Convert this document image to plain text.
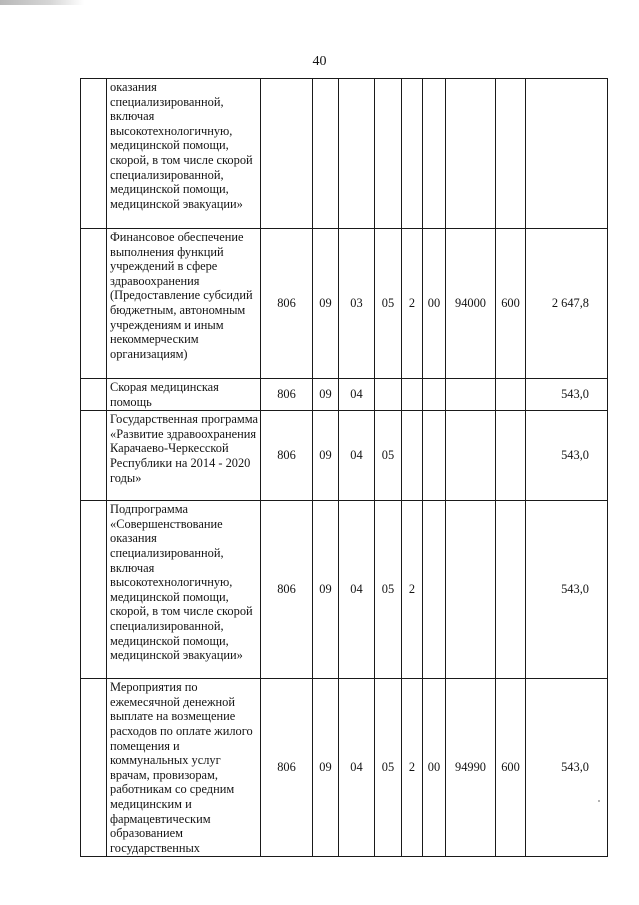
40
	оказания специализированной, включая высокотехнологичную, медицинской помощи, скорой, в том числе скорой специализированной, медицинской помощи, медицинской эвакуации»									
	Финансовое обеспечение выполнения функций учреждений в сфере здравоохранения (Предоставление субсидий бюджетным, автономным учреждениям и иным некоммерческим организациям)	806	09	03	05	2	00	94000	600	2 647,8
	Скорая медицинская помощь	806	09	04						543,0
	Государственная программа «Развитие здравоохранения Карачаево-Черкесской Республики на 2014 - 2020 годы»	806	09	04	05					543,0
	Подпрограмма «Совершенствование оказания специализированной, включая высокотехнологичную, медицинской помощи, скорой, в том числе скорой специализированной, медицинской помощи, медицинской эвакуации»	806	09	04	05	2				543,0
	Мероприятия по ежемесячной денежной выплате на возмещение расходов по оплате жилого помещения и коммунальных услуг врачам, провизорам, работникам со средним медицинским и фармацевтическим образованием государственных	806	09	04	05	2	00	94990	600	543,0
